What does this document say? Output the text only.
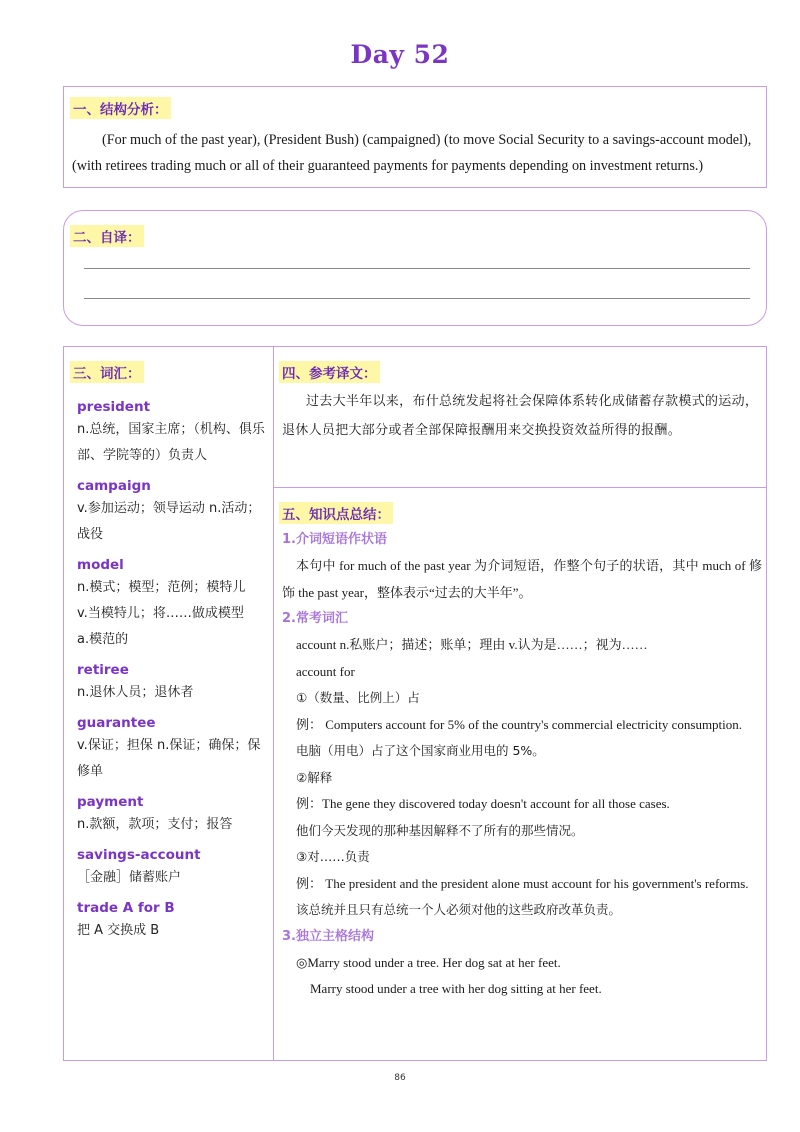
Day 52
一、结构分析：
(For much of the past year), (President Bush) (campaigned) (to move Social Security to a savings-account model), (with retirees trading much or all of their guaranteed payments for payments depending on investment returns.)
二、自译：
三、词汇：
president
n.总统，国家主席；（机构、俱乐部、学院等的）负责人
campaign
v.参加运动；领导运动 n.活动；战役
model
n.模式；模型；范例；模特儿
v.当模特儿；将……做成模型
a.模范的
retiree
n.退休人员；退休者
guarantee
v.保证；担保 n.保证；确保；保修单
payment
n.款额，款项；支付；报答
savings-account
［金融］储蓄账户
trade A for B
把 A 交换成 B
四、参考译文：
过去大半年以来，布什总统发起将社会保障体系转化成储蓄存款模式的运动，退休人员把大部分或者全部保障报酬用来交换投资效益所得的报酬。
五、知识点总结：
1.介词短语作状语
本句中 for much of the past year 为介词短语，作整个句子的状语，其中 much of 修饰 the past year，整体表示“过去的大半年”。
2.常考词汇
account n.私账户；描述；账单；理由 v.认为是……；视为……
account for
①（数量、比例上）占
例： Computers account for 5% of the country's commercial electricity consumption.
电脑（用电）占了这个国家商业用电的 5%。
②解释
例：The gene they discovered today doesn't account for all those cases.
他们今天发现的那种基因解释不了所有的那些情况。
③对……负责
例： The president and the president alone must account for his government's reforms.
该总统并且只有总统一个人必须对他的这些政府改革负责。
3.独立主格结构
◎Marry stood under a tree. Her dog sat at her feet.
Marry stood under a tree with her dog sitting at her feet.
86
